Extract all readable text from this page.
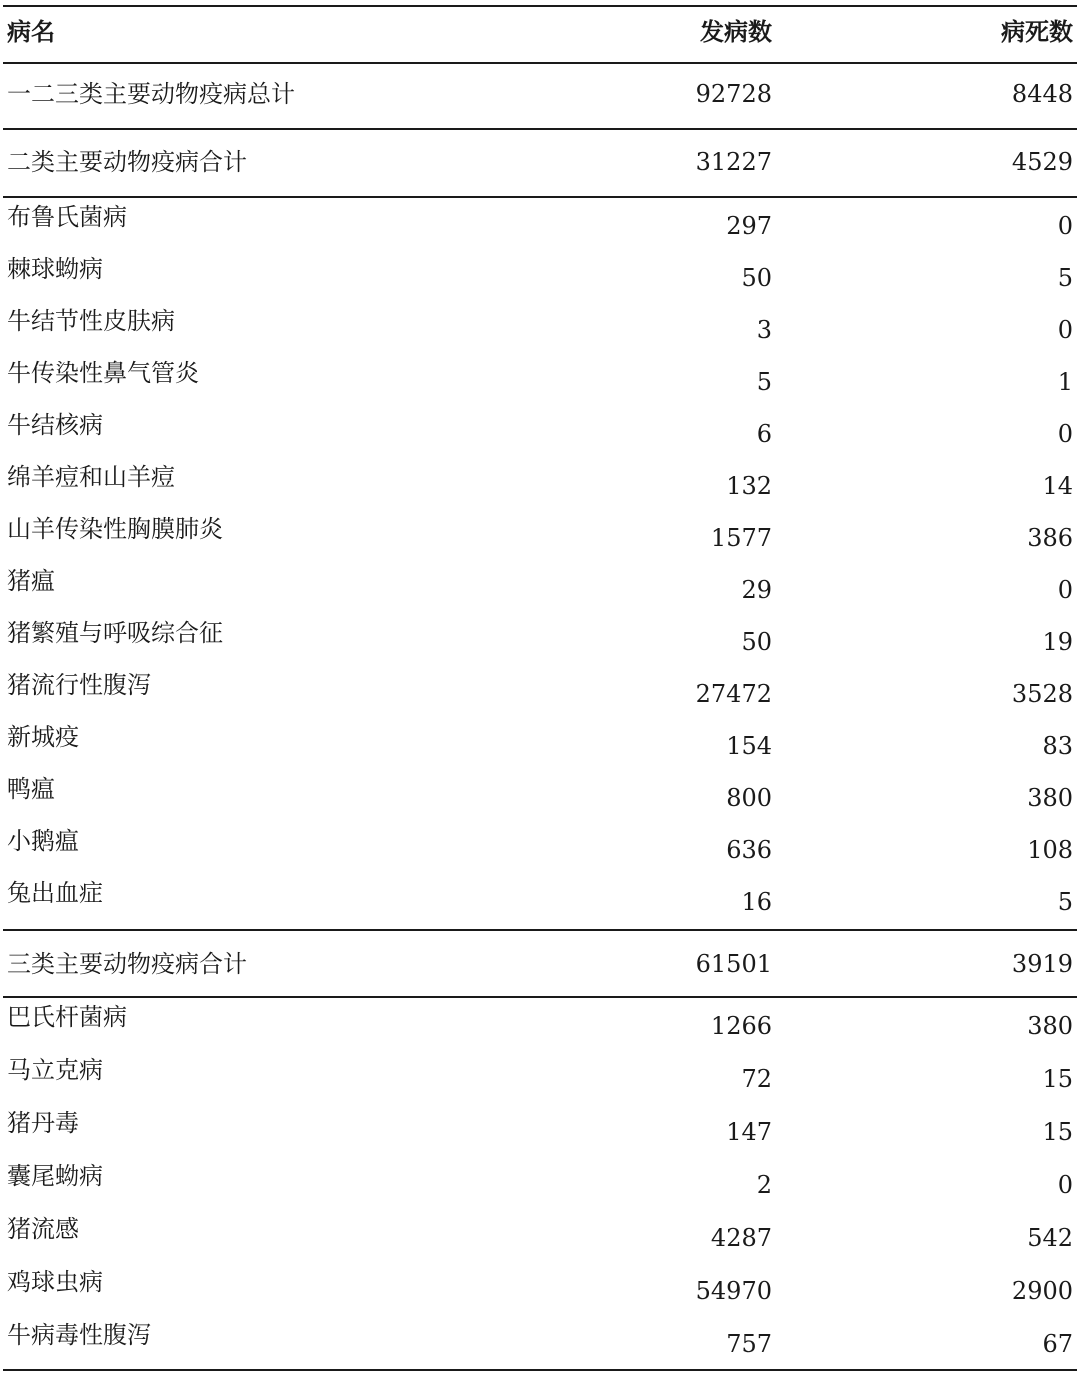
病名	发病数	病死数
一二三类主要动物疫病总计	92728	8448
二类主要动物疫病合计	31227	4529
布鲁氏菌病	297	0
棘球蚴病	50	5
牛结节性皮肤病	3	0
牛传染性鼻气管炎	5	1
牛结核病	6	0
绵羊痘和山羊痘	132	14
山羊传染性胸膜肺炎	1577	386
猪瘟	29	0
猪繁殖与呼吸综合征	50	19
猪流行性腹泻	27472	3528
新城疫	154	83
鸭瘟	800	380
小鹅瘟	636	108
兔出血症	16	5
三类主要动物疫病合计	61501	3919
巴氏杆菌病	1266	380
马立克病	72	15
猪丹毒	147	15
囊尾蚴病	2	0
猪流感	4287	542
鸡球虫病	54970	2900
牛病毒性腹泻	757	67
